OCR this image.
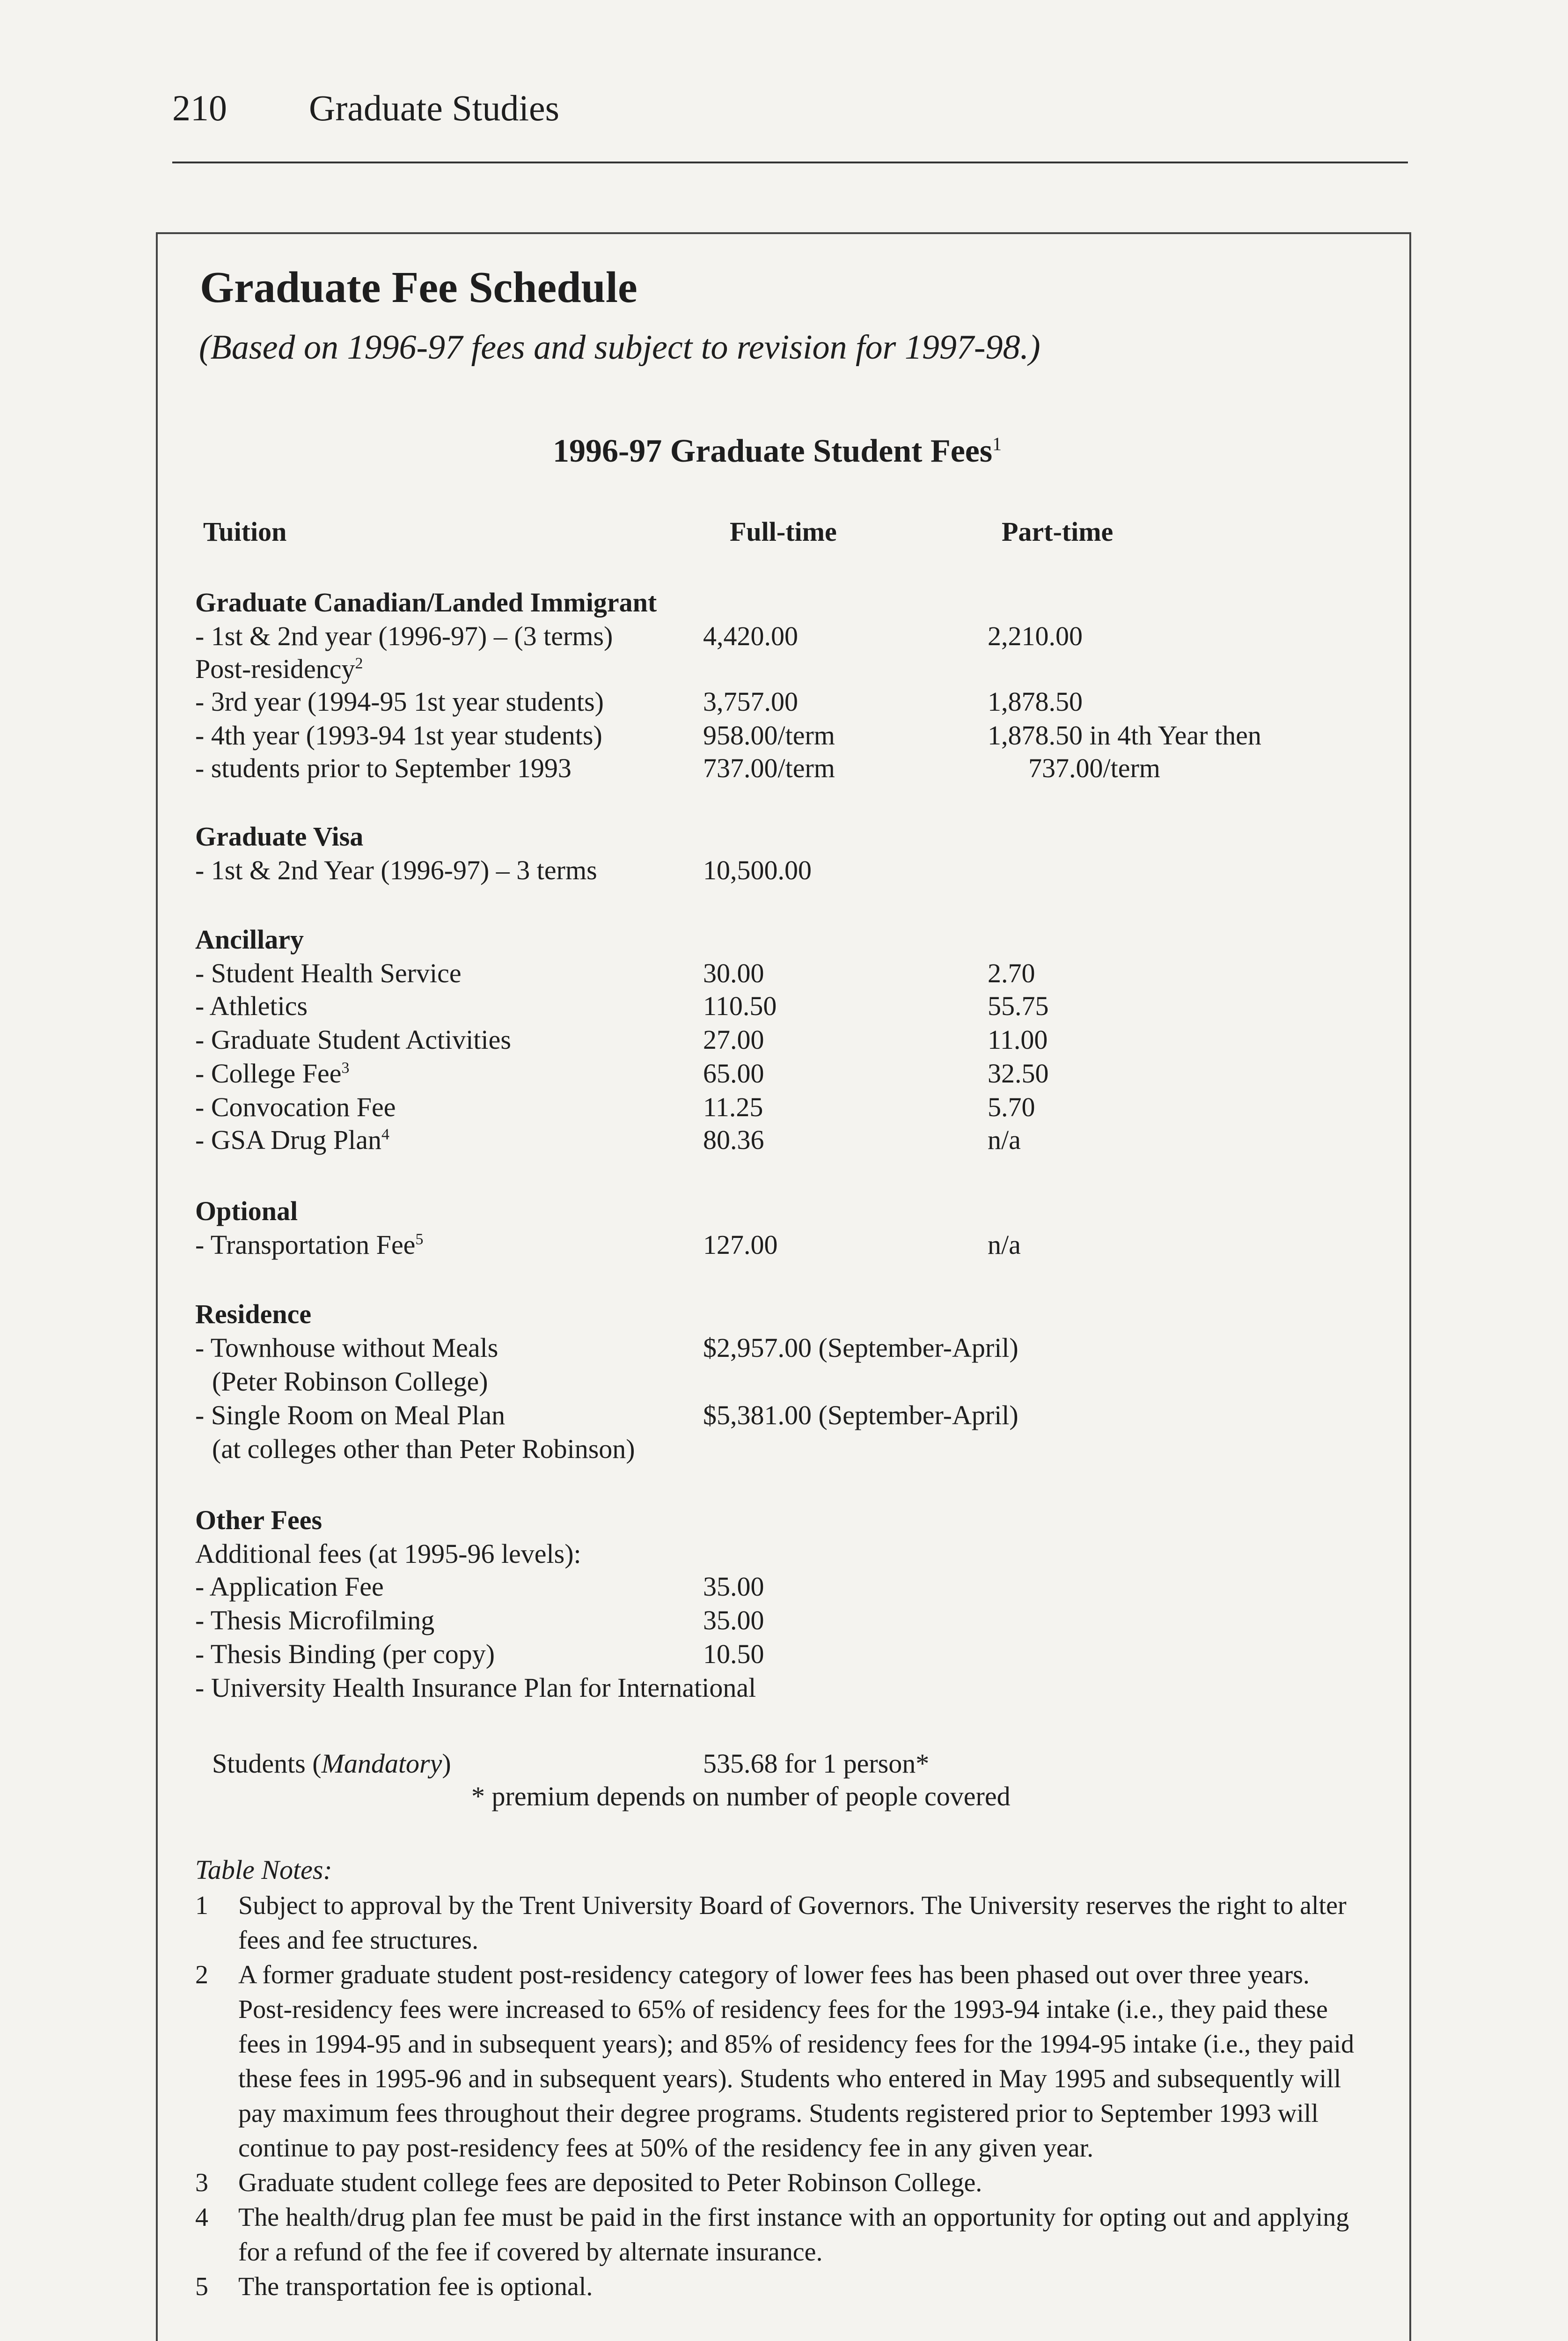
210 Graduate Studies
Graduate Fee Schedule
(Based on 1996-97 fees and subject to revision for 1997-98.)
1996-97 Graduate Student Fees$^1$
Tuition	Full-time	Part-time
Graduate Canadian/Landed Immigrant
- 1st & 2nd year (1996-97) – (3 terms)	4,420.00	2,210.00
Post-residency$^2$
- 3rd year (1994-95 1st year students)	3,757.00	1,878.50
- 4th year (1993-94 1st year students)	958.00/term	1,878.50 in 4th Year then
- students prior to September 1993	737.00/term	737.00/term
Graduate Visa
- 1st & 2nd Year (1996-97) – 3 terms	10,500.00
Ancillary
- Student Health Service	30.00	2.70
- Athletics	110.50	55.75
- Graduate Student Activities	27.00	11.00
- College Fee$^3$	65.00	32.50
- Convocation Fee	11.25	5.70
- GSA Drug Plan$^4$	80.36	n/a
Optional
- Transportation Fee$^5$	127.00	n/a
Residence
- Townhouse without Meals	$2,957.00 (September-April)
(Peter Robinson College)
- Single Room on Meal Plan	$5,381.00 (September-April)
(at colleges other than Peter Robinson)
Other Fees
Additional fees (at 1995-96 levels):
- Application Fee	35.00
- Thesis Microfilming	35.00
- Thesis Binding (per copy)	10.50
- University Health Insurance Plan for International
Students (Mandatory)	535.68 for 1 person*
* premium depends on number of people covered
Table Notes:
1	Subject to approval by the Trent University Board of Governors. The University reserves the right to alter fees and fee structures.
2	A former graduate student post-residency category of lower fees has been phased out over three years. Post-residency fees were increased to 65% of residency fees for the 1993-94 intake (i.e., they paid these fees in 1994-95 and in subsequent years); and 85% of residency fees for the 1994-95 intake (i.e., they paid these fees in 1995-96 and in subsequent years). Students who entered in May 1995 and subsequently will pay maximum fees throughout their degree programs. Students registered prior to September 1993 will continue to pay post-residency fees at 50% of the residency fee in any given year.
3	Graduate student college fees are deposited to Peter Robinson College.
4	The health/drug plan fee must be paid in the first instance with an opportunity for opting out and applying for a refund of the fee if covered by alternate insurance.
5	The transportation fee is optional.
